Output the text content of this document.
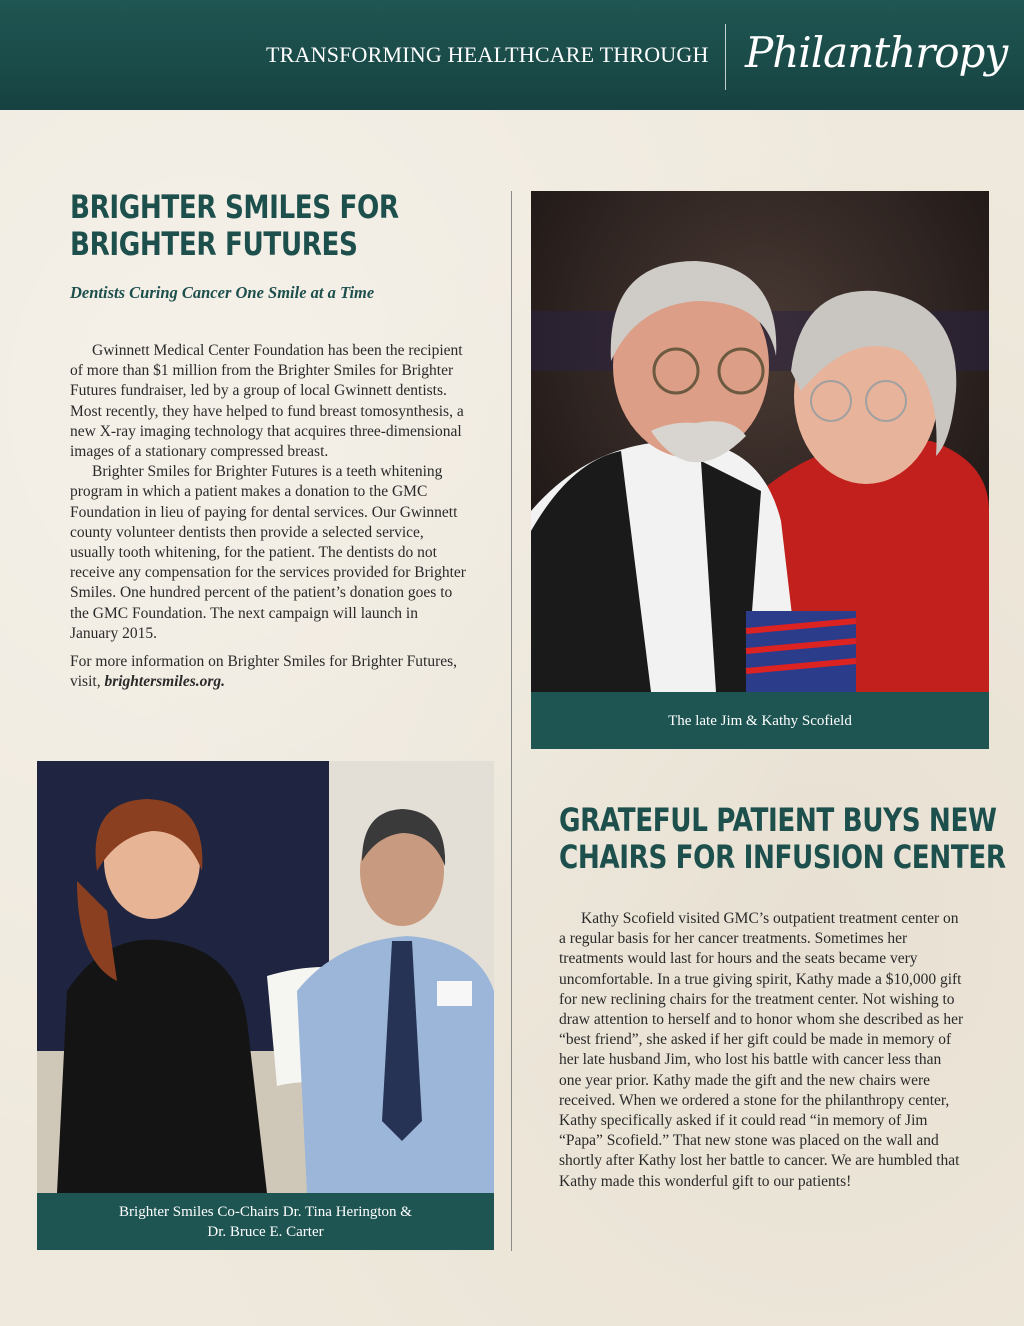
TRANSFORMING HEALTHCARE THROUGH Philanthropy
BRIGHTER SMILES FOR
BRIGHTER FUTURES
Dentists Curing Cancer One Smile at a Time

Gwinnett Medical Center Foundation has been the recipient of more than $1 million from the Brighter Smiles for Brighter Futures fundraiser, led by a group of local Gwinnett dentists. Most recently, they have helped to fund breast tomosynthesis, a new X-ray imaging technology that acquires three-dimensional images of a stationary compressed breast.

Brighter Smiles for Brighter Futures is a teeth whitening program in which a patient makes a donation to the GMC Foundation in lieu of paying for dental services. Our Gwinnett county volunteer dentists then provide a selected service, usually tooth whitening, for the patient. The dentists do not receive any compensation for the services provided for Brighter Smiles. One hundred percent of the patient’s donation goes to the GMC Foundation. The next campaign will launch in January 2015.

For more information on Brighter Smiles for Brighter Futures, visit, brightersmiles.org.

The late Jim & Kathy Scofield
Brighter Smiles Co-Chairs Dr. Tina Herington &
Dr. Bruce E. Carter
GRATEFUL PATIENT BUYS NEW
CHAIRS FOR INFUSION CENTER

Kathy Scofield visited GMC’s outpatient treatment center on a regular basis for her cancer treatments. Sometimes her treatments would last for hours and the seats became very uncomfortable. In a true giving spirit, Kathy made a $10,000 gift for new reclining chairs for the treatment center. Not wishing to draw attention to herself and to honor whom she described as her “best friend”, she asked if her gift could be made in memory of her late husband Jim, who lost his battle with cancer less than one year prior. Kathy made the gift and the new chairs were received. When we ordered a stone for the philanthropy center, Kathy specifically asked if it could read “in memory of Jim “Papa” Scofield.” That new stone was placed on the wall and shortly after Kathy lost her battle to cancer. We are humbled that Kathy made this wonderful gift to our patients!
